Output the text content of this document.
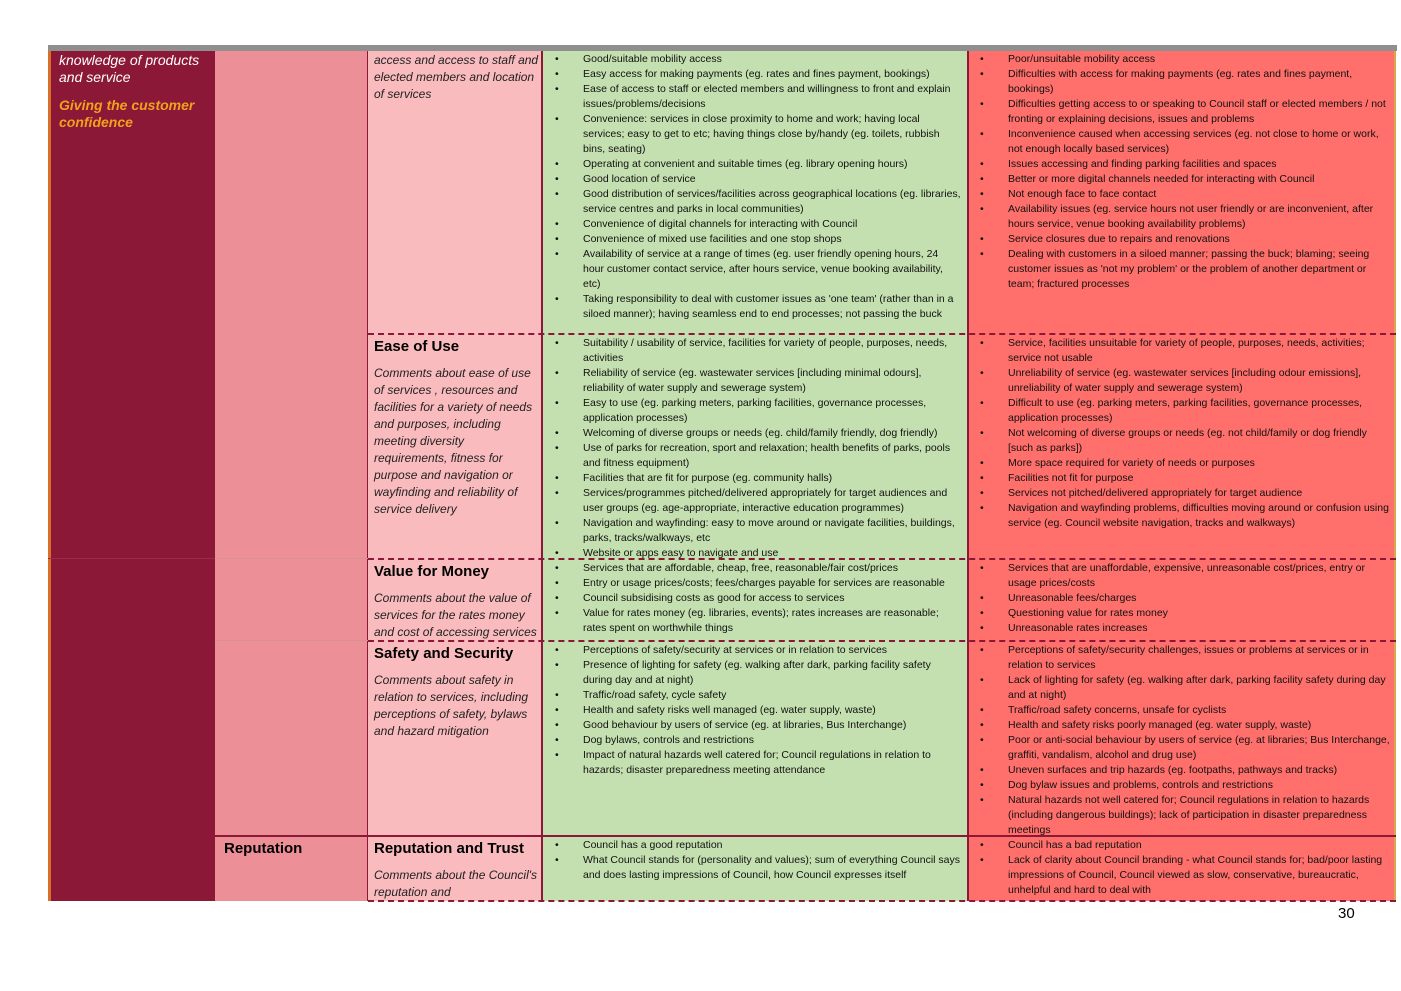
knowledge of products and service
Giving the customer confidence
access and access to staff and elected members and location of services
• Good/suitable mobility access
• Easy access for making payments (eg. rates and fines payment, bookings)
• Ease of access to staff or elected members and willingness to front and explain issues/problems/decisions
• Convenience: services in close proximity to home and work; having local services; easy to get to etc; having things close by/handy (eg. toilets, rubbish bins, seating)
• Operating at convenient and suitable times (eg. library opening hours)
• Good location of service
• Good distribution of services/facilities across geographical locations (eg. libraries, service centres and parks in local communities)
• Convenience of digital channels for interacting with Council
• Convenience of mixed use facilities and one stop shops
• Availability of service at a range of times (eg. user friendly opening hours, 24 hour customer contact service, after hours service, venue booking availability, etc)
• Taking responsibility to deal with customer issues as 'one team' (rather than in a siloed manner); having seamless end to end processes; not passing the buck
• Poor/unsuitable mobility access
• Difficulties with access for making payments (eg. rates and fines payment, bookings)
• Difficulties getting access to or speaking to Council staff or elected members / not fronting or explaining decisions, issues and problems
• Inconvenience caused when accessing services (eg. not close to home or work, not enough locally based services)
• Issues accessing and finding parking facilities and spaces
• Better or more digital channels needed for interacting with Council
• Not enough face to face contact
• Availability issues (eg. service hours not user friendly or are inconvenient, after hours service, venue booking availability problems)
• Service closures due to repairs and renovations
• Dealing with customers in a siloed manner; passing the buck; blaming; seeing customer issues as 'not my problem' or the problem of another department or team; fractured processes
Ease of Use
Comments about ease of use of services , resources and facilities for a variety of needs and purposes, including meeting diversity requirements, fitness for purpose and navigation or wayfinding and reliability of service delivery
• Suitability / usability of service, facilities for variety of people, purposes, needs, activities
• Reliability of service (eg. wastewater services [including minimal odours], reliability of water supply and sewerage system)
• Easy to use (eg. parking meters, parking facilities, governance processes, application processes)
• Welcoming of diverse groups or needs (eg. child/family friendly, dog friendly)
• Use of parks for recreation, sport and relaxation; health benefits of parks, pools and fitness equipment)
• Facilities that are fit for purpose (eg. community halls)
• Services/programmes pitched/delivered appropriately for target audiences and user groups (eg. age-appropriate, interactive education programmes)
• Navigation and wayfinding: easy to move around or navigate facilities, buildings, parks, tracks/walkways, etc
• Website or apps easy to navigate and use
• Service, facilities unsuitable for variety of people, purposes, needs, activities; service not usable
• Unreliability of service (eg. wastewater services [including odour emissions], unreliability of water supply and sewerage system)
• Difficult to use (eg. parking meters, parking facilities, governance processes, application processes)
• Not welcoming of diverse groups or needs (eg. not child/family or dog friendly [such as parks])
• More space required for variety of needs or purposes
• Facilities not fit for purpose
• Services not pitched/delivered appropriately for target audience
• Navigation and wayfinding problems, difficulties moving around or confusion using service (eg. Council website navigation, tracks and walkways)
Value for Money
Comments about the value of services for the rates money and cost of accessing services
• Services that are affordable, cheap, free, reasonable/fair cost/prices
• Entry or usage prices/costs; fees/charges payable for services are reasonable
• Council subsidising costs as good for access to services
• Value for rates money (eg. libraries, events); rates increases are reasonable; rates spent on worthwhile things
• Services that are unaffordable, expensive, unreasonable cost/prices, entry or usage prices/costs
• Unreasonable fees/charges
• Questioning value for rates money
• Unreasonable rates increases
Safety and Security
Comments about safety in relation to services, including perceptions of safety, bylaws and hazard mitigation
• Perceptions of safety/security at services or in relation to services
• Presence of lighting for safety (eg. walking after dark, parking facility safety during day and at night)
• Traffic/road safety, cycle safety
• Health and safety risks well managed (eg. water supply, waste)
• Good behaviour by users of service (eg. at libraries, Bus Interchange)
• Dog bylaws, controls and restrictions
• Impact of natural hazards well catered for; Council regulations in relation to hazards; disaster preparedness meeting attendance
• Perceptions of safety/security challenges, issues or problems at services or in relation to services
• Lack of lighting for safety (eg. walking after dark, parking facility safety during day and at night)
• Traffic/road safety concerns, unsafe for cyclists
• Health and safety risks poorly managed (eg. water supply, waste)
• Poor or anti-social behaviour by users of service (eg. at libraries; Bus Interchange, graffiti, vandalism, alcohol and drug use)
• Uneven surfaces and trip hazards (eg. footpaths, pathways and tracks)
• Dog bylaw issues and problems, controls and restrictions
• Natural hazards not well catered for; Council regulations in relation to hazards (including dangerous buildings); lack of participation in disaster preparedness meetings
Reputation	Reputation and Trust
Comments about the Council's reputation and
• Council has a good reputation
• What Council stands for (personality and values); sum of everything Council says and does lasting impressions of Council, how Council expresses itself
• Council has a bad reputation
• Lack of clarity about Council branding - what Council stands for; bad/poor lasting impressions of Council, Council viewed as slow, conservative, bureaucratic, unhelpful and hard to deal with
30
